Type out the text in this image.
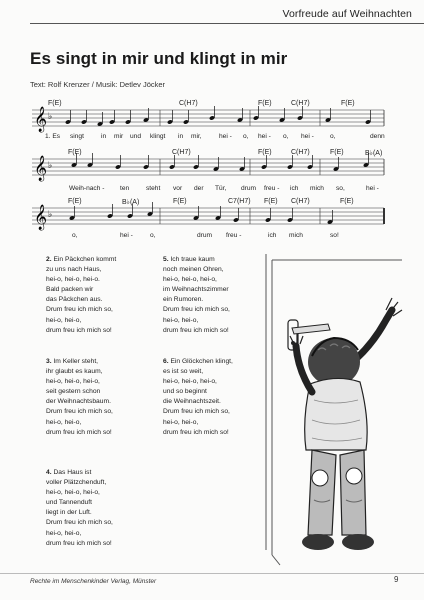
Vorfreude auf Weihnachten
Es singt in mir und klingt in mir
Text: Rolf Krenzer / Musik: Detlev Jöcker
𝄞 ♭
𝄞 ♭
𝄞 ♭
F(E)	C(H7)	F(E)	C(H7)	F(E)
1. Es singt	in mir und klingt in mir,	hei - o, hei - o, hei - o,	denn
F(E)	C(H7)	F(E)	C(H7)	F(E)	B♭(A)
Weih-nach - ten	steht vor der Tür, drum freu - ich mich so,	hei -
F(E)	B♭(A)	F(E)	C7(H7) F(E) C(H7)	F(E)
o,	hei -	o,	drum freu -	ich mich	so!
2. Ein Päckchen kommt
zu uns nach Haus,
hei-o, hei-o, hei-o.
Bald packen wir
das Päckchen aus.
Drum freu ich mich so,
hei-o, hei-o,
drum freu ich mich so!
3. Im Keller steht,
ihr glaubt es kaum,
hei-o, hei-o, hei-o,
seit gestern schon
der Weihnachtsbaum.
Drum freu ich mich so,
hei-o, hei-o,
drum freu ich mich so!
4. Das Haus ist
voller Plätzchenduft,
hei-o, hei-o, hei-o,
und Tannenduft
liegt in der Luft.
Drum freu ich mich so,
hei-o, hei-o,
drum freu ich mich so!
5. Ich traue kaum
noch meinen Ohren,
hei-o, hei-o, hei-o,
im Weihnachtszimmer
ein Rumoren.
Drum freu ich mich so,
hei-o, hei-o,
drum freu ich mich so!
6. Ein Glöckchen klingt,
es ist so weit,
hei-o, hei-o, hei-o,
und so beginnt
die Weihnachtszeit.
Drum freu ich mich so,
hei-o, hei-o,
drum freu ich mich so!
Rechte im Menschenkinder Verlag, Münster	9
